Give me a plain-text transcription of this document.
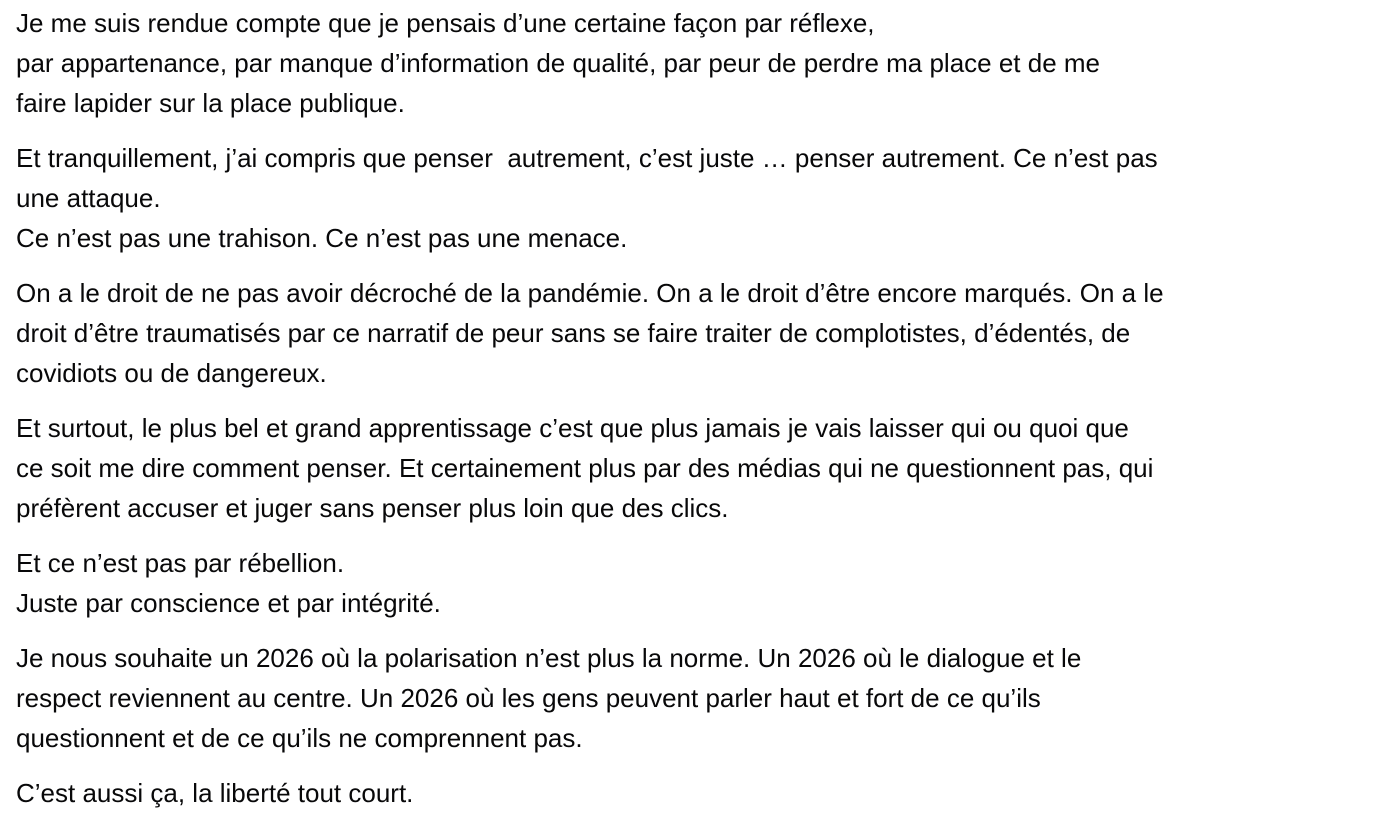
Je me suis rendue compte que je pensais d’une certaine façon par réflexe,
par appartenance, par manque d’information de qualité, par peur de perdre ma place et de me
faire lapider sur la place publique.
Et tranquillement, j’ai compris que penser  autrement, c’est juste … penser autrement. Ce n’est pas
une attaque.
Ce n’est pas une trahison. Ce n’est pas une menace.
On a le droit de ne pas avoir décroché de la pandémie. On a le droit d’être encore marqués. On a le
droit d’être traumatisés par ce narratif de peur sans se faire traiter de complotistes, d’édentés, de
covidiots ou de dangereux.
Et surtout, le plus bel et grand apprentissage c’est que plus jamais je vais laisser qui ou quoi que
ce soit me dire comment penser. Et certainement plus par des médias qui ne questionnent pas, qui
préfèrent accuser et juger sans penser plus loin que des clics.
Et ce n’est pas par rébellion.
Juste par conscience et par intégrité.
Je nous souhaite un 2026 où la polarisation n’est plus la norme. Un 2026 où le dialogue et le
respect reviennent au centre. Un 2026 où les gens peuvent parler haut et fort de ce qu’ils
questionnent et de ce qu’ils ne comprennent pas.
C’est aussi ça, la liberté tout court.
